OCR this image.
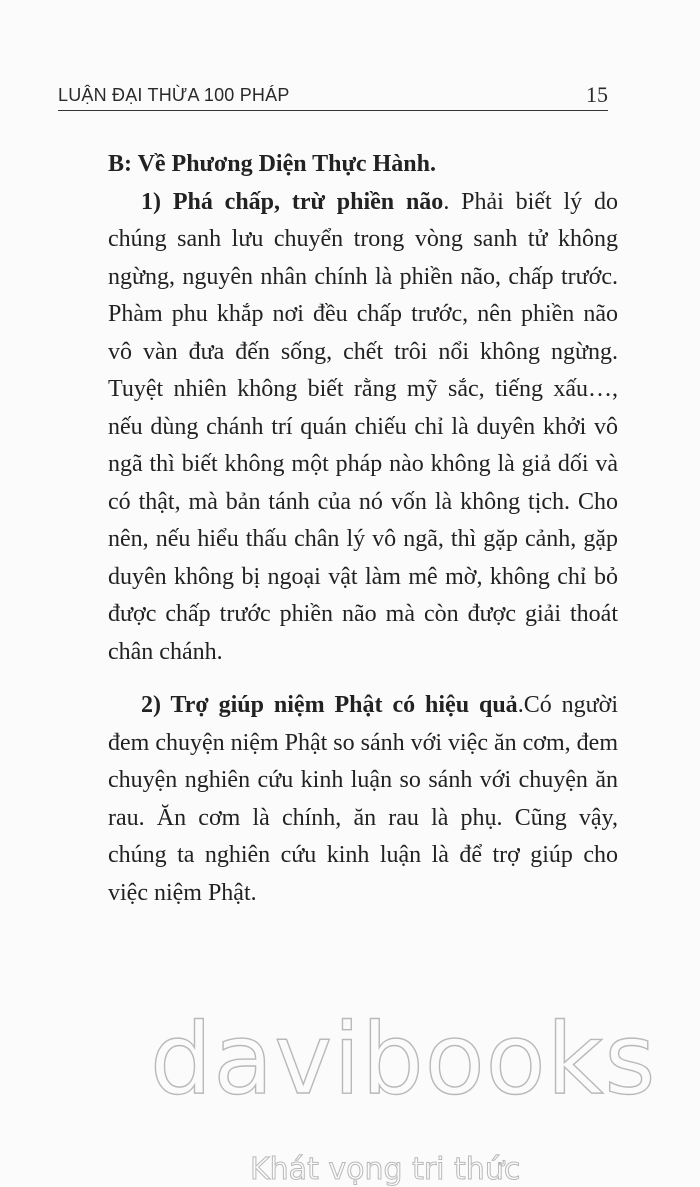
LUẬN ĐẠI THỪA 100 PHÁP	15
B: Về Phương Diện Thực Hành.

1) Phá chấp, trừ phiền não. Phải biết lý do chúng sanh lưu chuyển trong vòng sanh tử không ngừng, nguyên nhân chính là phiền não, chấp trước. Phàm phu khắp nơi đều chấp trước, nên phiền não vô vàn đưa đến sống, chết trôi nổi không ngừng. Tuyệt nhiên không biết rằng mỹ sắc, tiếng xấu…, nếu dùng chánh trí quán chiếu chỉ là duyên khởi vô ngã thì biết không một pháp nào không là giả dối và có thật, mà bản tánh của nó vốn là không tịch. Cho nên, nếu hiểu thấu chân lý vô ngã, thì gặp cảnh, gặp duyên không bị ngoại vật làm mê mờ, không chỉ bỏ được chấp trước phiền não mà còn được giải thoát chân chánh.

2) Trợ giúp niệm Phật có hiệu quả.Có người đem chuyện niệm Phật so sánh với việc ăn cơm, đem chuyện nghiên cứu kinh luận so sánh với chuyện ăn rau. Ăn cơm là chính, ăn rau là phụ. Cũng vậy, chúng ta nghiên cứu kinh luận là để trợ giúp cho việc niệm Phật.

davibooks
Khát vọng tri thức
